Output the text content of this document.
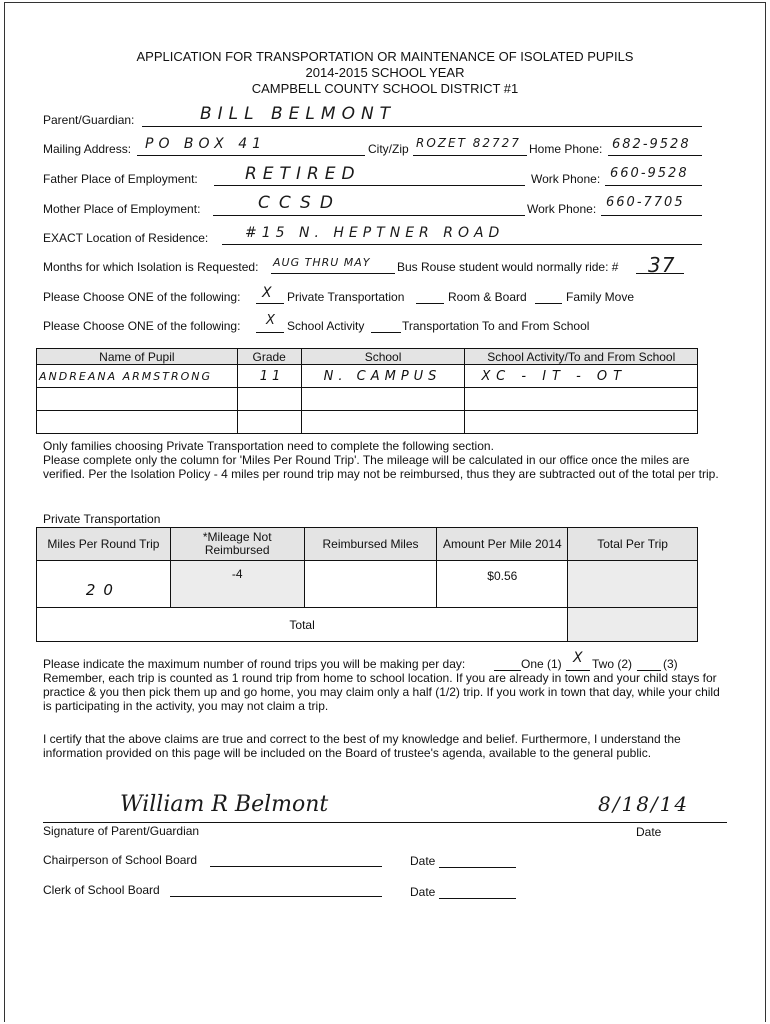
APPLICATION FOR TRANSPORTATION OR MAINTENANCE OF ISOLATED PUPILS
2014-2015 SCHOOL YEAR
CAMPBELL COUNTY SCHOOL DISTRICT #1
Parent/Guardian:	BILL BELMONT
Mailing Address: PO BOX 41	City/Zip ROZET 82727 Home Phone: 682-9528
Father Place of Employment:	RETIRED	Work Phone: 660-9528
Mother Place of Employment:	CCSD	Work Phone: 660-7705
EXACT Location of Residence:	#15 N. HEPTNER ROAD
Months for which Isolation is Requested: AUG THRU MAY Bus Rouse student would normally ride: # 37
Please Choose ONE of the following: X Private Transportation	Room & Board	Family Move
Please Choose ONE of the following: X School Activity	Transportation To and From School
Name of Pupil	Grade	School	School Activity/To and From School
ANDREANA ARMSTRONG	11	N. CAMPUS	XC - IT - OT

Only families choosing Private Transportation need to complete the following section.
Please complete only the column for 'Miles Per Round Trip'. The mileage will be calculated in our office once the miles are verified. Per the Isolation Policy - 4 miles per round trip may not be reimbursed, thus they are subtracted out of the total per trip.
Private Transportation
Miles Per Round Trip	*Mileage Not Reimbursed	Reimbursed Miles	Amount Per Mile 2014	Total Per Trip
20	-4		$0.56	
Total				
Please indicate the maximum number of round trips you will be making per day:	One (1) X Two (2)	(3)
Remember, each trip is counted as 1 round trip from home to school location. If you are already in town and your child stays for practice & you then pick them up and go home, you may claim only a half (1/2) trip. If you work in town that day, while your child is participating in the activity, you may not claim a trip.
I certify that the above claims are true and correct to the best of my knowledge and belief. Furthermore, I understand the information provided on this page will be included on the Board of trustee's agenda, available to the general public.
William R Belmont	8/18/14
Signature of Parent/Guardian	Date
Chairperson of School Board	Date
Clerk of School Board	Date
